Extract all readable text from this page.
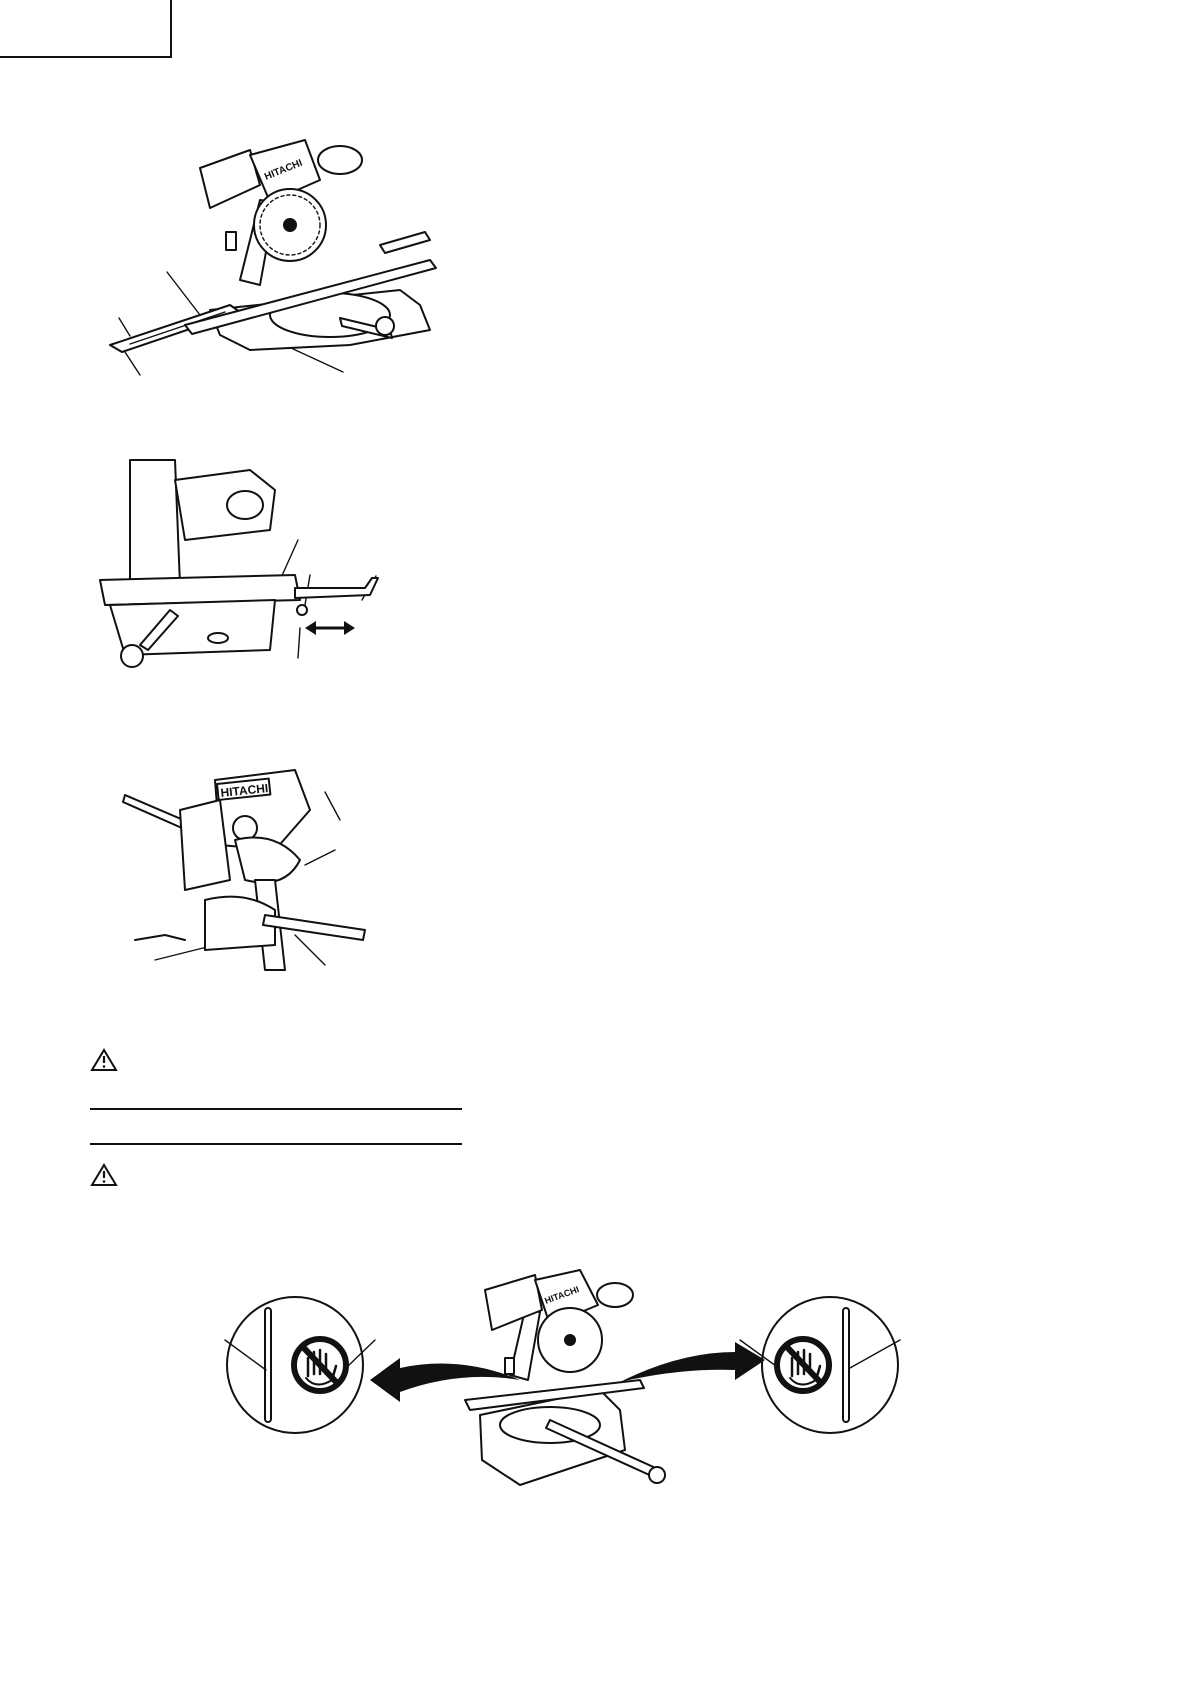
HITACHI
HITACHI
HITACHI
